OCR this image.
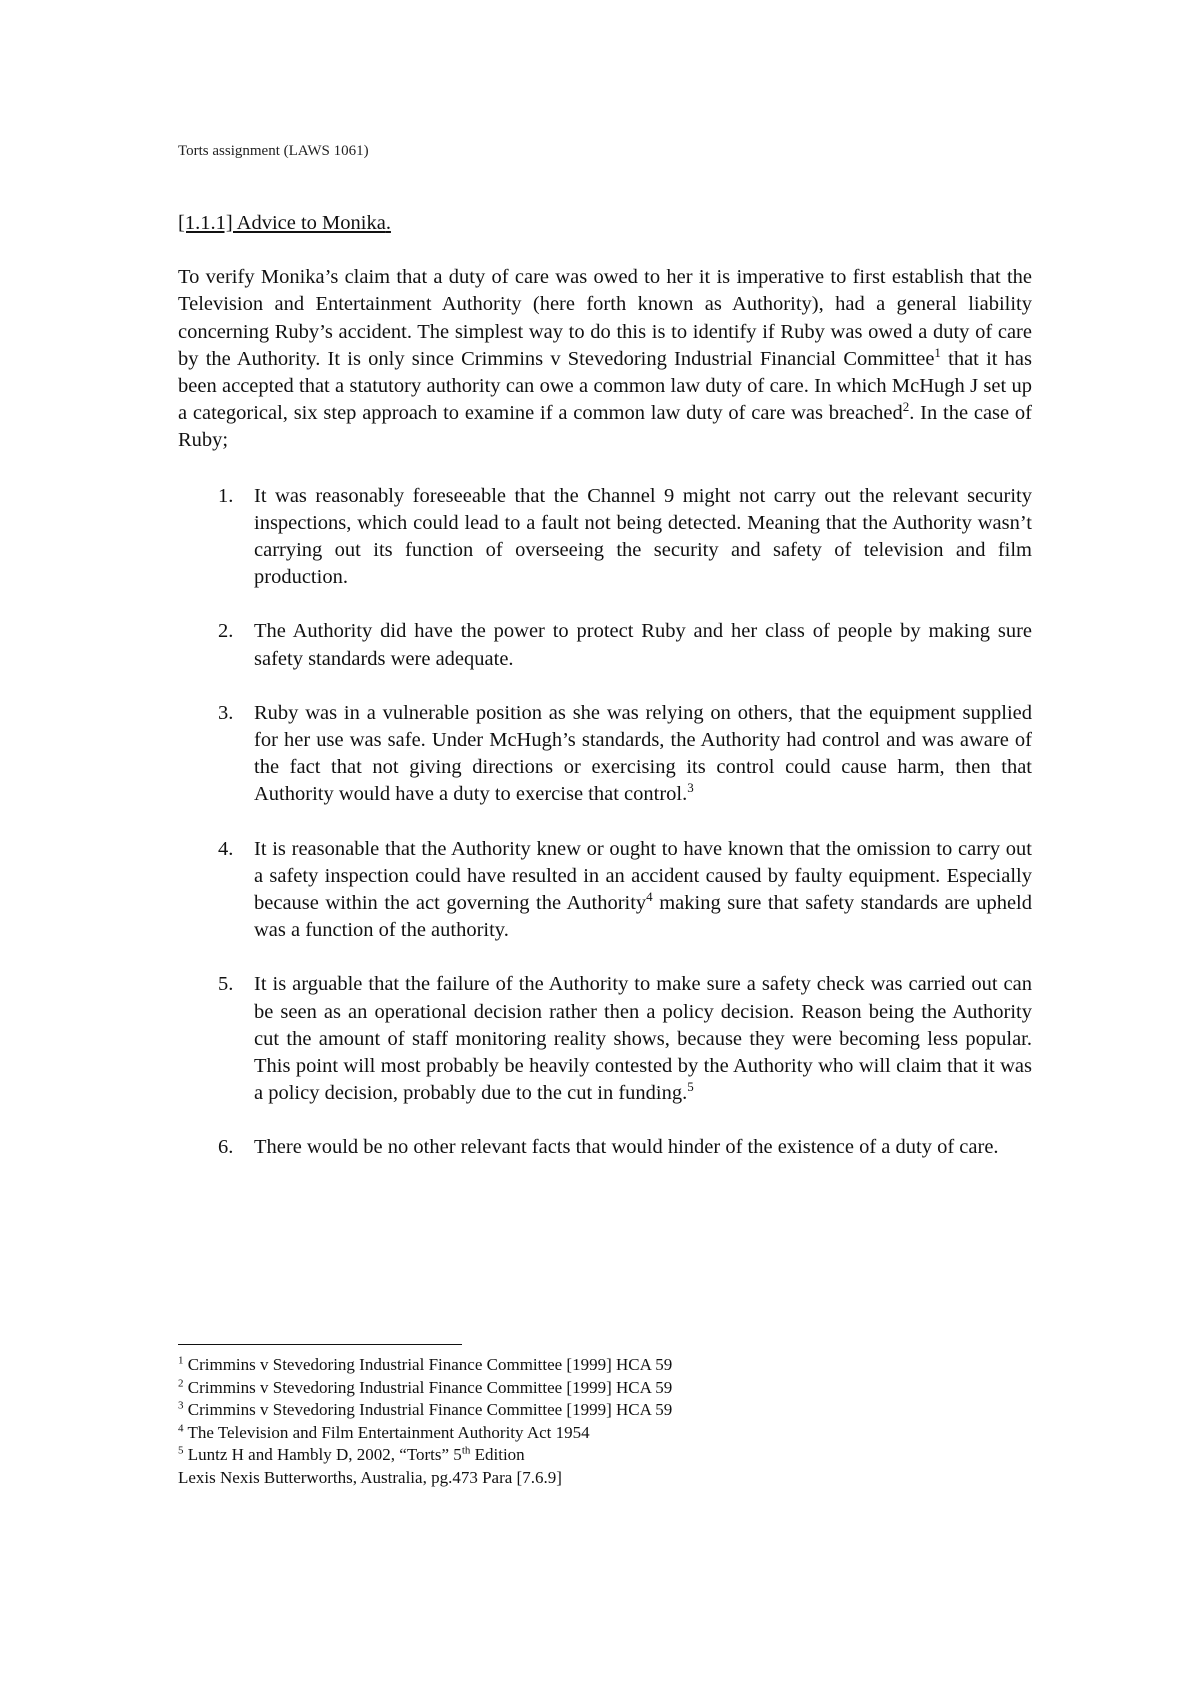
Torts assignment (LAWS 1061)

[1.1.1] Advice to Monika.

To verify Monika’s claim that a duty of care was owed to her it is imperative to first establish that the Television and Entertainment Authority (here forth known as Authority), had a general liability concerning Ruby’s accident. The simplest way to do this is to identify if Ruby was owed a duty of care by the Authority. It is only since Crimmins v Stevedoring Industrial Financial Committee$^1$ that it has been accepted that a statutory authority can owe a common law duty of care. In which McHugh J set up a categorical, six step approach to examine if a common law duty of care was breached$^2$. In the case of Ruby;

1. It was reasonably foreseeable that the Channel 9 might not carry out the relevant security inspections, which could lead to a fault not being detected. Meaning that the Authority wasn’t carrying out its function of overseeing the security and safety of television and film production.
2. The Authority did have the power to protect Ruby and her class of people by making sure safety standards were adequate.
3. Ruby was in a vulnerable position as she was relying on others, that the equipment supplied for her use was safe. Under McHugh’s standards, the Authority had control and was aware of the fact that not giving directions or exercising its control could cause harm, then that Authority would have a duty to exercise that control.$^3$
4. It is reasonable that the Authority knew or ought to have known that the omission to carry out a safety inspection could have resulted in an accident caused by faulty equipment. Especially because within the act governing the Authority$^4$ making sure that safety standards are upheld was a function of the authority.
5. It is arguable that the failure of the Authority to make sure a safety check was carried out can be seen as an operational decision rather then a policy decision. Reason being the Authority cut the amount of staff monitoring reality shows, because they were becoming less popular. This point will most probably be heavily contested by the Authority who will claim that it was a policy decision, probably due to the cut in funding.$^5$
6. There would be no other relevant facts that would hinder of the existence of a duty of care.

$^1$ Crimmins v Stevedoring Industrial Finance Committee [1999] HCA 59

$^2$ Crimmins v Stevedoring Industrial Finance Committee [1999] HCA 59

$^3$ Crimmins v Stevedoring Industrial Finance Committee [1999] HCA 59

$^4$ The Television and Film Entertainment Authority Act 1954

$^5$ Luntz H and Hambly D, 2002, “Torts” 5th Edition

Lexis Nexis Butterworths, Australia, pg.473 Para [7.6.9]
